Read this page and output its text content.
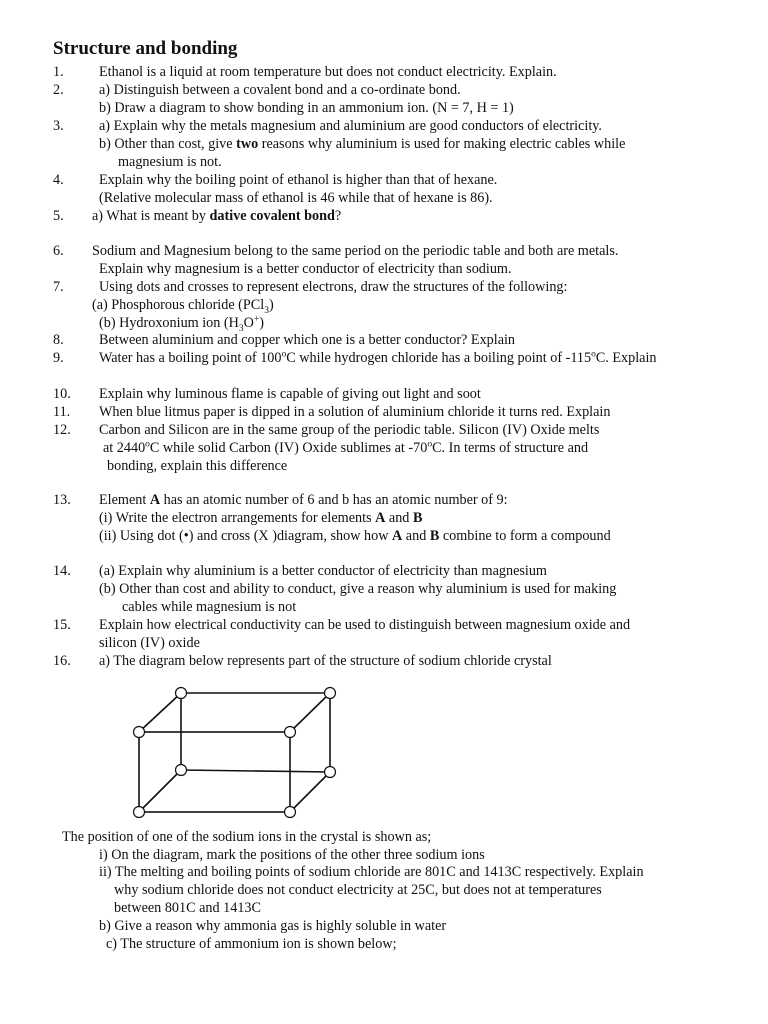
Structure and bonding
1. Ethanol is a liquid at room temperature but does not conduct electricity. Explain.
2. a) Distinguish between a covalent bond and a co-ordinate bond.
b) Draw a diagram to show bonding in an ammonium ion. (N = 7, H = 1)
3. a) Explain why the metals magnesium and aluminium are good conductors of electricity.
b) Other than cost, give two reasons why aluminium is used for making electric cables while
magnesium is not.
4. Explain why the boiling point of ethanol is higher than that of hexane.
(Relative molecular mass of ethanol is 46 while that of hexane is 86).
5. a) What is meant by dative covalent bond?
6. Sodium and Magnesium belong to the same period on the periodic table and both are metals.
Explain why magnesium is a better conductor of electricity than sodium.
7. Using dots and crosses to represent electrons, draw the structures of the following:
(a) Phosphorous chloride (PCl$_3$)
(b) Hydroxonium ion $(H_3O^+)$
8. Between aluminium and copper which one is a better conductor? Explain
9. Water has a boiling point of 100$^o$C while hydrogen chloride has a boiling point of -115$^o$C. Explain
10. Explain why luminous flame is capable of giving out light and soot
11. When blue litmus paper is dipped in a solution of aluminium chloride it turns red. Explain
12. Carbon and Silicon are in the same group of the periodic table. Silicon (IV) Oxide melts
at 2440$^o$C while solid Carbon (IV) Oxide sublimes at -70$^o$C. In terms of structure and
bonding, explain this difference
13. Element A has an atomic number of 6 and b has an atomic number of 9:
(i) Write the electron arrangements for elements A and B
(ii) Using dot (•) and cross (X )diagram, show how A and B combine to form a compound
14. (a) Explain why aluminium is a better conductor of electricity than magnesium
(b) Other than cost and ability to conduct, give a reason why aluminium is used for making
cables while magnesium is not
15. Explain how electrical conductivity can be used to distinguish between magnesium oxide and
silicon (IV) oxide
16. a) The diagram below represents part of the structure of sodium chloride crystal
The position of one of the sodium ions in the crystal is shown as;
i) On the diagram, mark the positions of the other three sodium ions
ii) The melting and boiling points of sodium chloride are 801C and 1413C respectively. Explain
why sodium chloride does not conduct electricity at 25C, but does not at temperatures
between 801C and 1413C
b) Give a reason why ammonia gas is highly soluble in water
c) The structure of ammonium ion is shown below;
